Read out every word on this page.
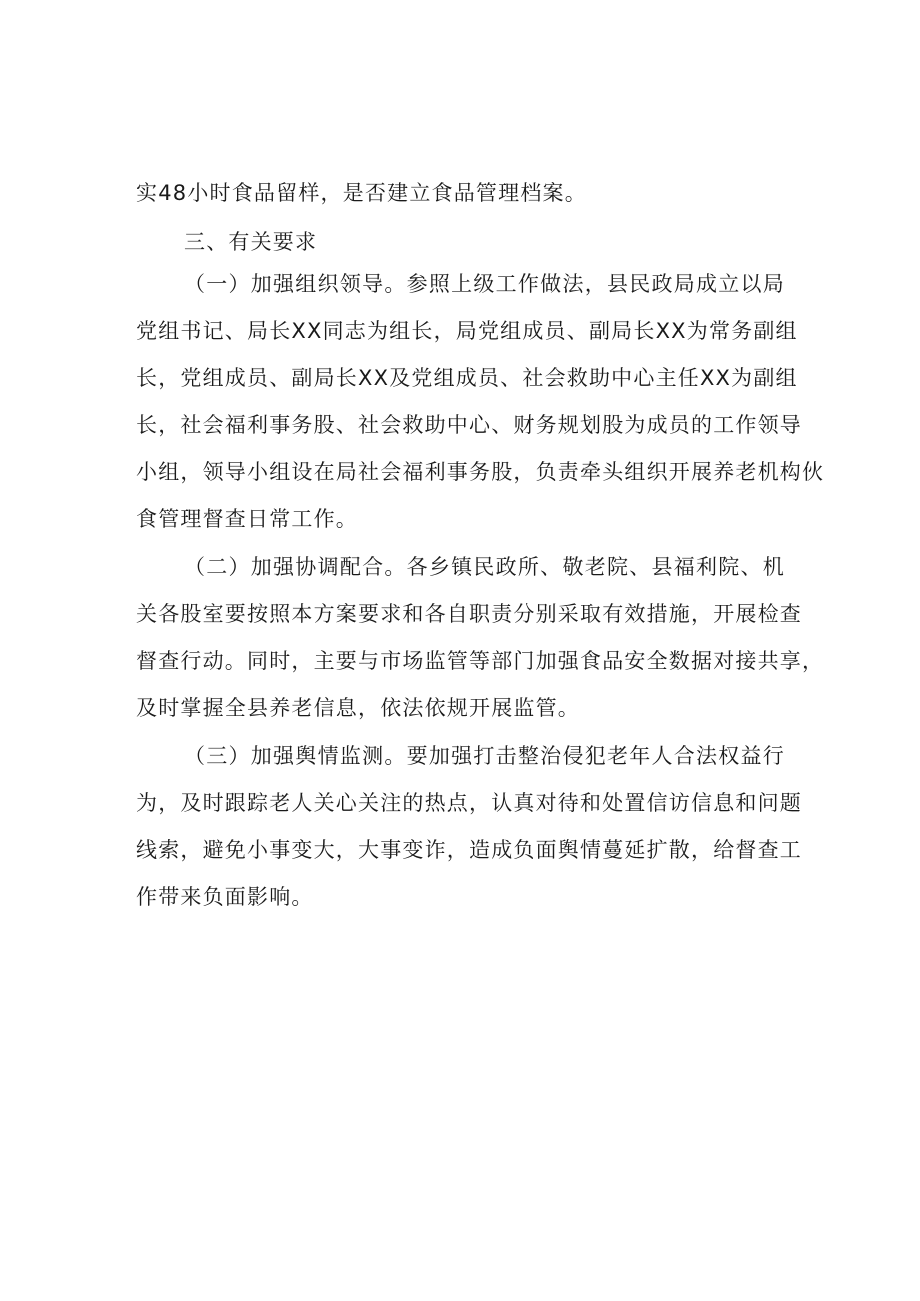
实48小时食品留样，是否建立食品管理档案。
三、有关要求
（一）加强组织领导。参照上级工作做法，县民政局成立以局
党组书记、局长XX同志为组长，局党组成员、副局长XX为常务副组
长，党组成员、副局长XX及党组成员、社会救助中心主任XX为副组
长，社会福利事务股、社会救助中心、财务规划股为成员的工作领导
小组，领导小组设在局社会福利事务股，负责牵头组织开展养老机构伙
食管理督查日常工作。
（二）加强协调配合。各乡镇民政所、敬老院、县福利院、机
关各股室要按照本方案要求和各自职责分别采取有效措施，开展检查
督查行动。同时，主要与市场监管等部门加强食品安全数据对接共享，
及时掌握全县养老信息，依法依规开展监管。
（三）加强舆情监测。要加强打击整治侵犯老年人合法权益行
为，及时跟踪老人关心关注的热点，认真对待和处置信访信息和问题
线索，避免小事变大，大事变诈，造成负面舆情蔓延扩散，给督查工
作带来负面影响。
